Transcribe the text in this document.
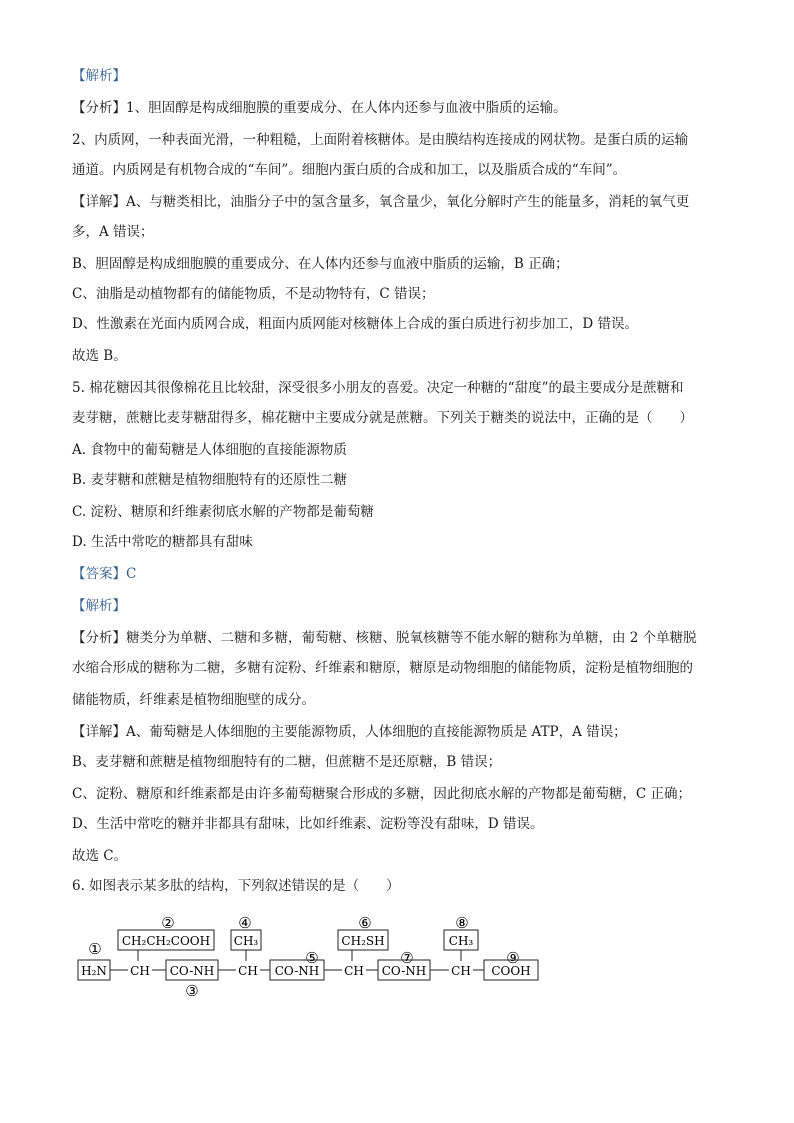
【解析】
【分析】1、胆固醇是构成细胞膜的重要成分、在人体内还参与血液中脂质的运输。
2、内质网，一种表面光滑，一种粗糙，上面附着核糖体。是由膜结构连接成的网状物。是蛋白质的运输
通道。内质网是有机物合成的“车间”。细胞内蛋白质的合成和加工，以及脂质合成的“车间”。
【详解】A、与糖类相比，油脂分子中的氢含量多，氧含量少，氧化分解时产生的能量多，消耗的氧气更
多，A 错误；
B、胆固醇是构成细胞膜的重要成分、在人体内还参与血液中脂质的运输，B 正确；
C、油脂是动植物都有的储能物质，不是动物特有，C 错误；
D、性激素在光面内质网合成，粗面内质网能对核糖体上合成的蛋白质进行初步加工，D 错误。
故选 B。
5. 棉花糖因其很像棉花且比较甜，深受很多小朋友的喜爱。决定一种糖的“甜度”的最主要成分是蔗糖和
麦芽糖，蔗糖比麦芽糖甜得多，棉花糖中主要成分就是蔗糖。下列关于糖类的说法中，正确的是（　　）
A. 食物中的葡萄糖是人体细胞的直接能源物质
B. 麦芽糖和蔗糖是植物细胞特有的还原性二糖
C. 淀粉、糖原和纤维素彻底水解的产物都是葡萄糖
D. 生活中常吃的糖都具有甜味
【答案】C
【解析】
【分析】糖类分为单糖、二糖和多糖，葡萄糖、核糖、脱氧核糖等不能水解的糖称为单糖，由 2 个单糖脱
水缩合形成的糖称为二糖，多糖有淀粉、纤维素和糖原，糖原是动物细胞的储能物质，淀粉是植物细胞的
储能物质，纤维素是植物细胞壁的成分。
【详解】A、葡萄糖是人体细胞的主要能源物质，人体细胞的直接能源物质是 ATP，A 错误；
B、麦芽糖和蔗糖是植物细胞特有的二糖，但蔗糖不是还原糖，B 错误；
C、淀粉、糖原和纤维素都是由许多葡萄糖聚合形成的多糖，因此彻底水解的产物都是葡萄糖，C 正确；
D、生活中常吃的糖并非都具有甜味，比如纤维素、淀粉等没有甜味，D 错误。
故选 C。
6. 如图表示某多肽的结构，下列叙述错误的是（　　）
②	④	⑥	⑧
CH₂CH₂COOH CH₃	CH₂SH	CH₃
①	⑤	⑦	⑨
H₂N CH CO-NH CH CO-NH CH CO-NH CH COOH
③
